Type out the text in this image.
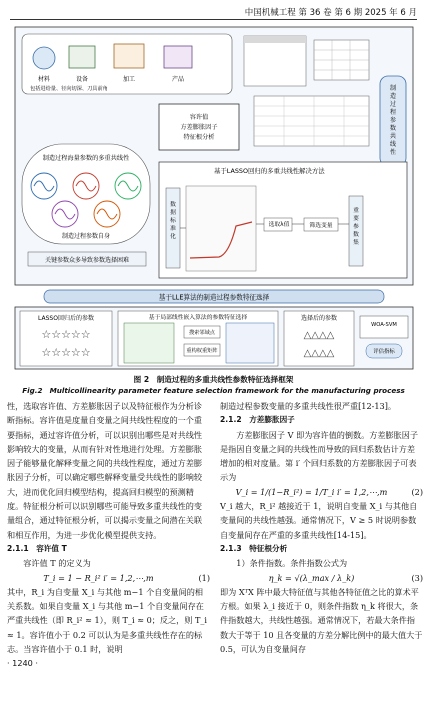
中国机械工程 第 36 卷 第 6 期 2025 年 6 月
材料	设备	加工	产品
包括进给量、径向切深、刀具前角
容许值
方差膨胀因子
特征根分析
制造过程参数共线性
制造过程海量参数的多重共线性
制造过程参数自身
关键参数众多导致参数选择困难
基于LASSO回归的多重共线性解决方法
数据标准化
选取λ值	筛选变量
重要参数集
基于LLE算法的制造过程参数特征选择
LASSO回归后的参数
☆☆☆☆☆
☆☆☆☆☆
基于局部线性嵌入算法的参数特征选择
搜索邻域点
重构权重矩阵
选择后的参数
△△△△
△△△△
WOA-SVM
评估指标
图 2　制造过程的多重共线性参数特征选择框架
Fig.2　Multicollinearity parameter feature selection framework for the manufacturing process

性，选取容许值、方差膨胀因子以及特征根作为分析诊断指标。容许值是度量自变量之间共线性程度的一个重要指标，通过容许值分析，可以识别出哪些是对共线性影响较大的变量，从而有针对性地进行处理。方差膨胀因子能够量化解释变量之间的共线性程度，通过方差膨胀因子分析，可以确定哪些解释变量受共线性的影响较大，进而优化回归模型结构，提高回归模型的预测精度。特征根分析可以识别哪些可能导致多重共线性的变量组合，通过特征根分析，可以揭示变量之间潜在关联和相互作用，为进一步优化模型提供支持。

2.1.1　 容许值 T

容许值 T 的定义为

T_i = 1 − R_i² i′ = 1,2,⋯,m	(1)

其中，R_i 为自变量 X_i 与其他 m−1 个自变量间的相关系数。如果自变量 X_i 与其他 m−1 个自变量间存在严重共线性（即 R_i² ≈ 1），则 T_i ≈ 0；反之，则 T_i ≈ 1。容许值小于 0.2 可以认为是多重共线性存在的标志。当容许值小于 0.1 时，说明

· 1240 ·

制造过程参数变量的多重共线性很严重[12-13]。

2.1.2　 方差膨胀因子

方差膨胀因子 V 即为容许值的倒数。方差膨胀因子是指因自变量之间的共线性而导致的回归系数估计方差增加的相对度量。第 i′ 个回归系数的方差膨胀因子可表示为

V_i = 1/(1−R_i²) = 1/T_i i′ = 1,2,⋯,m	(2)

V_i 越大，R_i² 越接近于 1，说明自变量 X_i 与其他自变量间的共线性越强。通常情况下，V ≥ 5 时说明参数自变量间存在严重的多重共线性[14-15]。

2.1.3　 特征根分析

1）条件指数。条件指数公式为

η_k = √(λ_max / λ_k)	(3)

即为 XᵀX 阵中最大特征值与其他各特征值之比的算术平方根。如果 λ_i 接近于 0，则条件指数 η_k 将很大，条件指数越大，共线性越强。通常情况下，若最大条件指数大于等于 10 且各变量的方差分解比例中的最大值大于 0.5，可认为自变量间存
